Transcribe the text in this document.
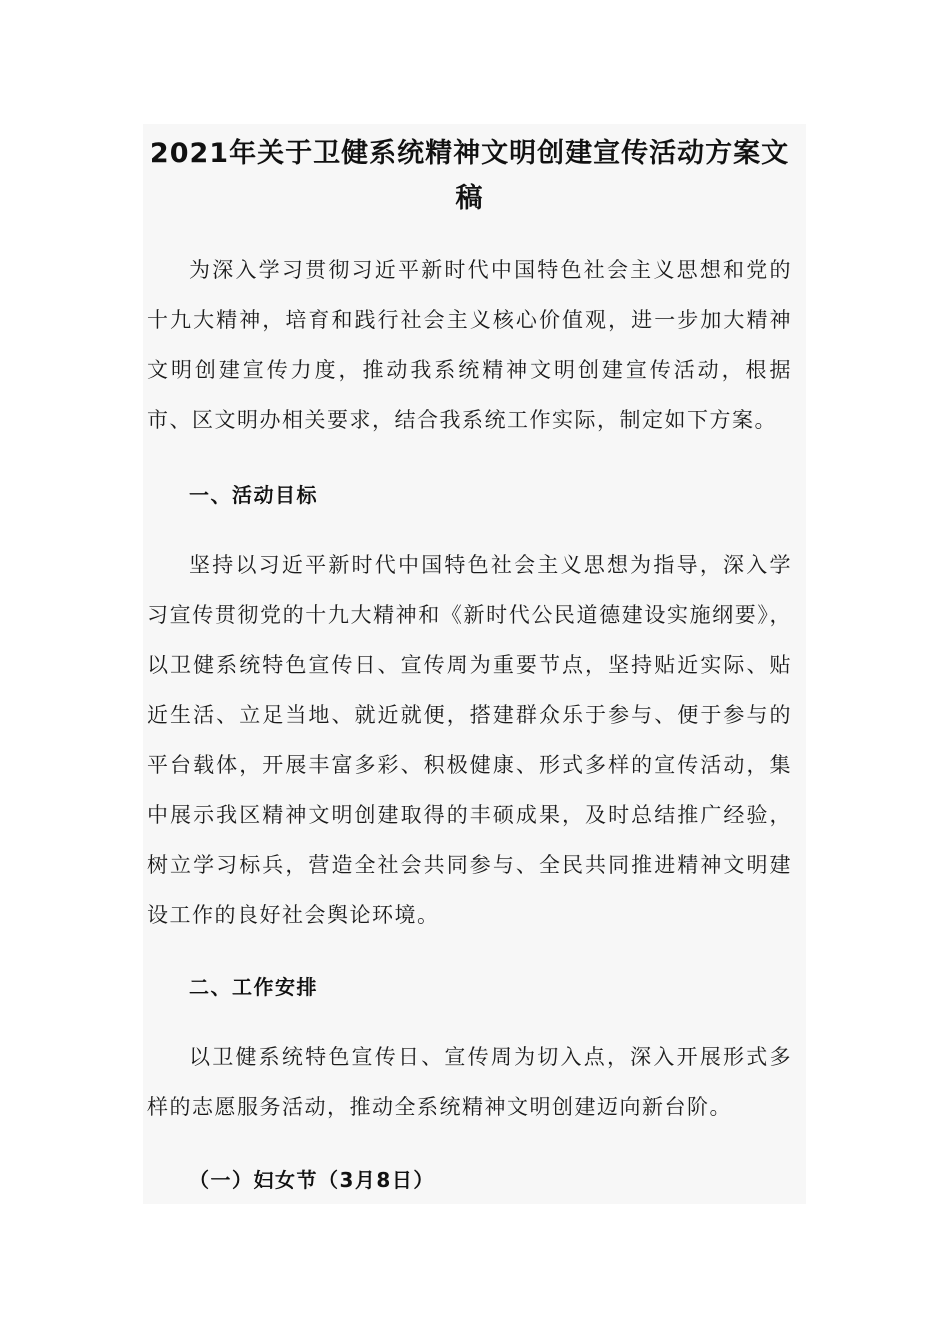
2021年关于卫健系统精神文明创建宣传活动方案文稿
为深入学习贯彻习近平新时代中国特色社会主义思想和党的十九大精神，培育和践行社会主义核心价值观，进一步加大精神文明创建宣传力度，推动我系统精神文明创建宣传活动，根据市、区文明办相关要求，结合我系统工作实际，制定如下方案。
一、活动目标
坚持以习近平新时代中国特色社会主义思想为指导，深入学习宣传贯彻党的十九大精神和《新时代公民道德建设实施纲要》，以卫健系统特色宣传日、宣传周为重要节点，坚持贴近实际、贴近生活、立足当地、就近就便，搭建群众乐于参与、便于参与的平台载体，开展丰富多彩、积极健康、形式多样的宣传活动，集中展示我区精神文明创建取得的丰硕成果，及时总结推广经验，树立学习标兵，营造全社会共同参与、全民共同推进精神文明建设工作的良好社会舆论环境。
二、工作安排
以卫健系统特色宣传日、宣传周为切入点，深入开展形式多样的志愿服务活动，推动全系统精神文明创建迈向新台阶。
（一）妇女节（3月8日）
